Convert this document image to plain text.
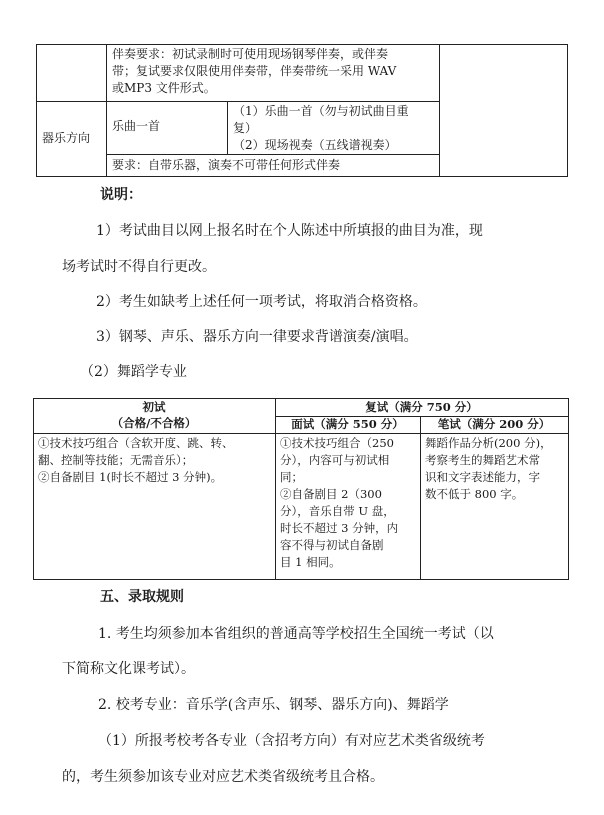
伴奏要求：初试录制时可使用现场钢琴伴奏，或伴奏
带；复试要求仅限使用伴奏带，伴奏带统一采用 WAV
或MP3 文件形式。
器乐方向
乐曲一首
（1）乐曲一首（勿与初试曲目重
复）
（2）现场视奏（五线谱视奏）
要求：自带乐器，演奏不可带任何形式伴奏
说明：
1）考试曲目以网上报名时在个人陈述中所填报的曲目为准，现
场考试时不得自行更改。
2）考生如缺考上述任何一项考试，将取消合格资格。
3）钢琴、声乐、器乐方向一律要求背谱演奏/演唱。
（2）舞蹈学专业
初试
（合格/不合格）
复试（满分 750 分）
面试（满分 550 分）	笔试（满分 200 分）
①技术技巧组合（含软开度、跳、转、
翻、控制等技能；无需音乐）；
②自备剧目 1(时长不超过 3 分钟)。
①技术技巧组合（250
分），内容可与初试相
同；
②自备剧目 2（300
分），音乐自带 U 盘，
时长不超过 3 分钟，内
容不得与初试自备剧
目 1 相同。
舞蹈作品分析(200 分)，
考察考生的舞蹈艺术常
识和文字表述能力，字
数不低于 800 字。
五、录取规则
1. 考生均须参加本省组织的普通高等学校招生全国统一考试（以
下简称文化课考试）。
2. 校考专业：音乐学(含声乐、钢琴、器乐方向)、舞蹈学
（1）所报考校考各专业（含招考方向）有对应艺术类省级统考
的，考生须参加该专业对应艺术类省级统考且合格。
